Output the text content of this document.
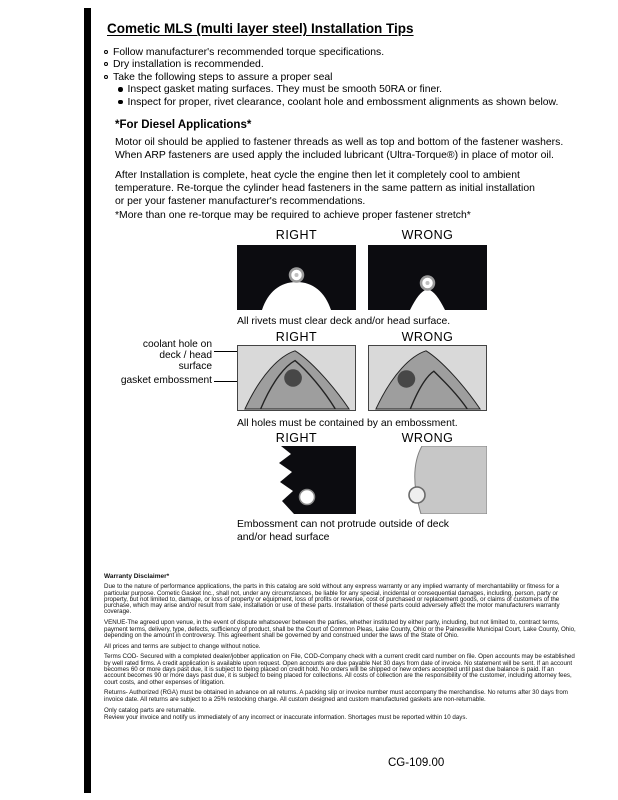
Cometic MLS (multi layer steel) Installation Tips
Follow manufacturer's recommended torque specifications.
Dry installation is recommended.
Take the following steps to assure a proper seal
Inspect gasket mating surfaces. They must be smooth 50RA or finer.
Inspect for proper, rivet clearance, coolant hole and embossment alignments as shown below.
*For Diesel Applications*
Motor oil should be applied to fastener threads as well as top and bottom of the fastener washers.
When ARP fasteners are used apply the included lubricant (Ultra-Torque®) in place of motor oil.
After Installation is complete, heat cycle the engine then let it completely cool to ambient
temperature. Re-torque the cylinder head fasteners in the same pattern as initial installation
or per your fastener manufacturer's recommendations.
*More than one re-torque may be required to achieve proper fastener stretch*
RIGHT	WRONG
All rivets must clear deck and/or head surface.
RIGHT	WRONG
coolant hole on
deck / head surface
gasket embossment
All holes must be contained by an embossment.
RIGHT	WRONG
Embossment can not protrude outside of deck
and/or head surface
Warranty Disclaimer*

Due to the nature of performance applications, the parts in this catalog are sold without any express warranty or any implied warranty of merchantability or fitness for a particular purpose. Cometic Gasket Inc., shall not, under any circumstances, be liable for any special, incidental or consequential damages, including, person, party or property, but not limited to, damage, or loss of property or equipment, loss of profits or revenue, cost of purchased or replacement goods, or claims of customers of the purchase, which may arise and/or result from sale, installation or use of these parts. Installation of these parts could adversely affect the motor manufacturers warranty coverage.

VENUE-The agreed upon venue, in the event of dispute whatsoever between the parties, whether instituted by either party, including, but not limited to, contract terms, payment terms, delivery, type, defects, sufficiency of product, shall be the Court of Common Pleas, Lake County, Ohio or the Painesville Municipal Court, Lake County, Ohio, depending on the amount in controversy. This agreement shall be governed by and construed under the laws of the State of Ohio.

All prices and terms are subject to change without notice.

Terms COD- Secured with a completed dealer/jobber application on File, COD-Company check with a current credit card number on file. Open accounts may be established by well rated firms. A credit application is available upon request. Open accounts are due payable Net 30 days from date of invoice. No statement will be sent. If an account becomes 60 or more days past due, it is subject to being placed on credit hold. No orders will be shipped or new orders accepted until past due balance is paid. If an account becomes 90 or more days past due, it is subject to being placed for collections. All costs of collection are the responsibility of the customer, including attorney fees, court costs, and other expenses of litigation.

Returns- Authorized (RGA) must be obtained in advance on all returns. A packing slip or invoice number must accompany the merchandise. No returns after 30 days from invoice date. All returns are subject to a 25% restocking charge. All custom designed and custom manufactured gaskets are non-returnable.

Only catalog parts are returnable.

Review your invoice and notify us immediately of any incorrect or inaccurate information. Shortages must be reported within 10 days.

CG-109.00
